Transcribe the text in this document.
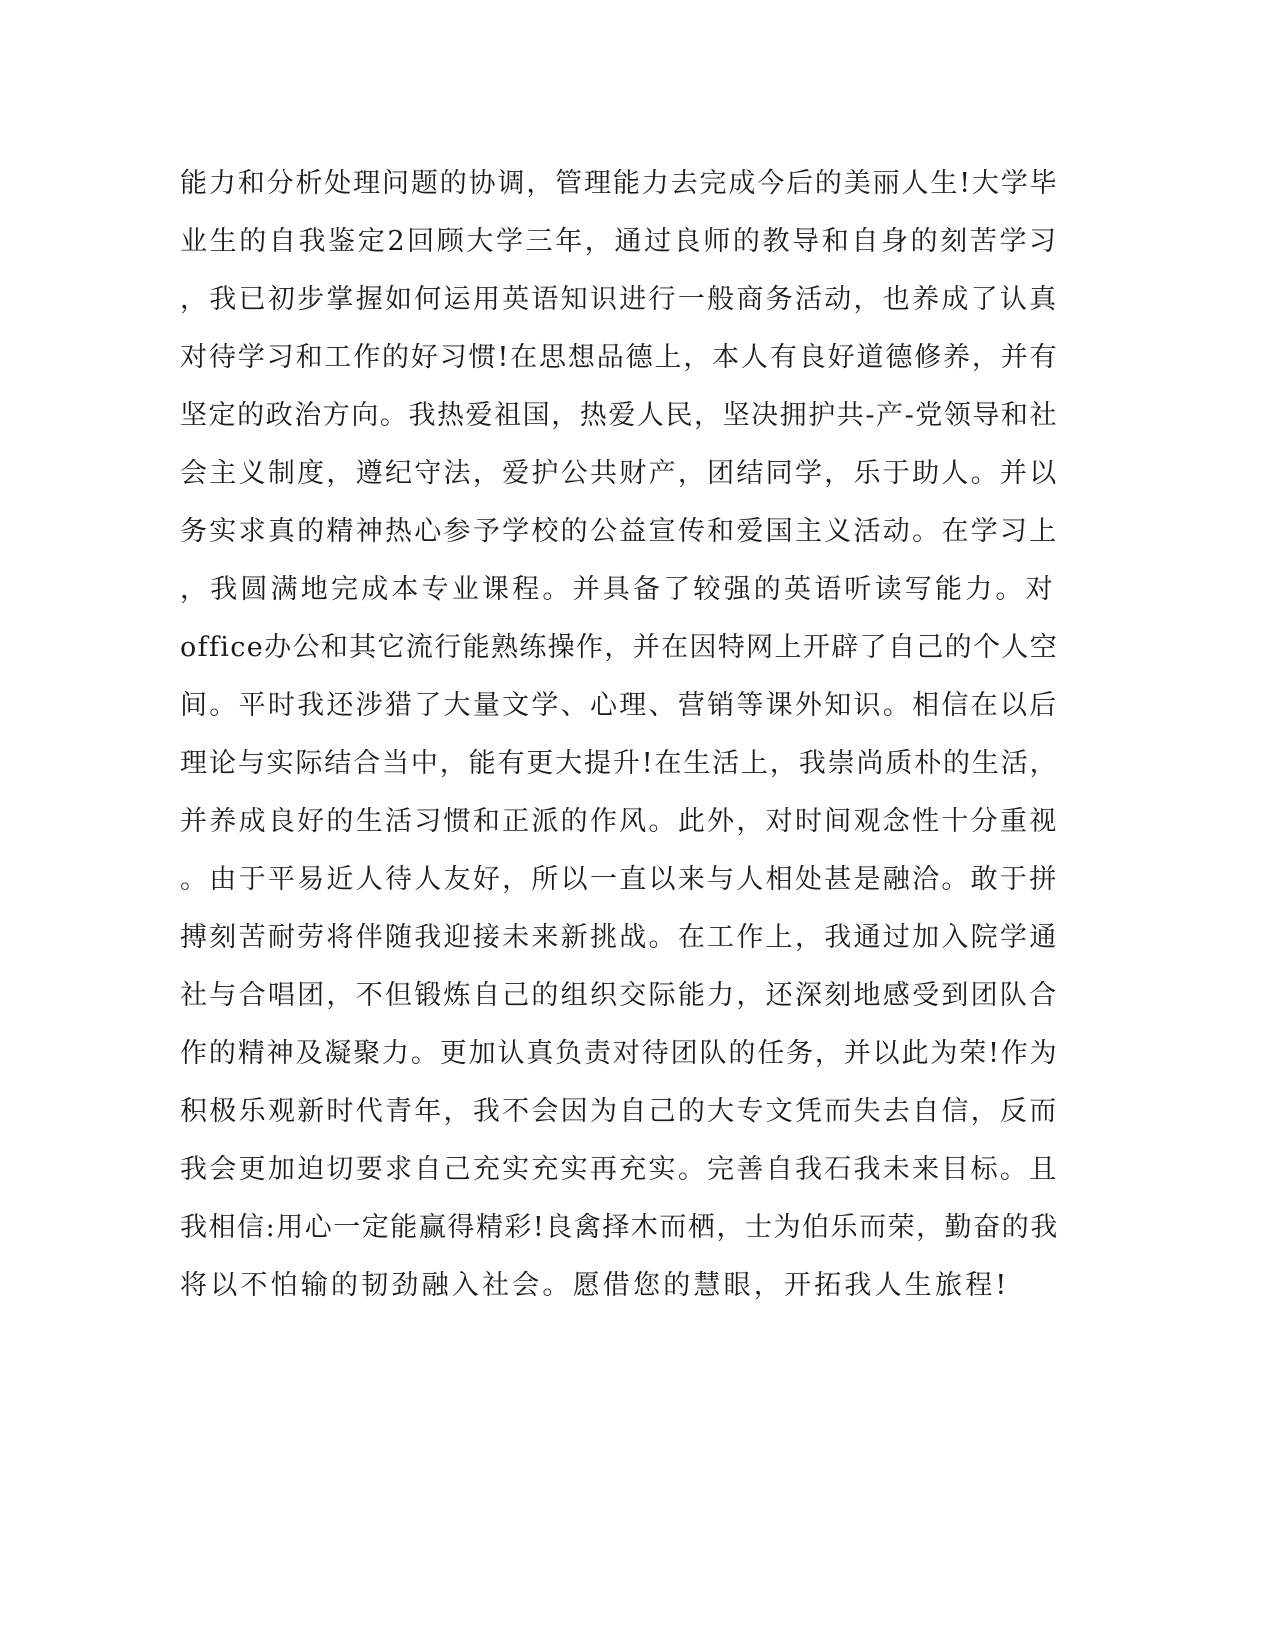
能力和分析处理问题的协调，管理能力去完成今后的美丽人生!大学毕
业生的自我鉴定2回顾大学三年，通过良师的教导和自身的刻苦学习
，我已初步掌握如何运用英语知识进行一般商务活动，也养成了认真
对待学习和工作的好习惯!在思想品德上，本人有良好道德修养，并有
坚定的政治方向。我热爱祖国，热爱人民，坚决拥护共-产-党领导和社
会主义制度，遵纪守法，爱护公共财产，团结同学，乐于助人。并以
务实求真的精神热心参予学校的公益宣传和爱国主义活动。在学习上
，我圆满地完成本专业课程。并具备了较强的英语听读写能力。对
office办公和其它流行能熟练操作，并在因特网上开辟了自己的个人空
间。平时我还涉猎了大量文学、心理、营销等课外知识。相信在以后
理论与实际结合当中，能有更大提升!在生活上，我崇尚质朴的生活，
并养成良好的生活习惯和正派的作风。此外，对时间观念性十分重视
。由于平易近人待人友好，所以一直以来与人相处甚是融洽。敢于拼
搏刻苦耐劳将伴随我迎接未来新挑战。在工作上，我通过加入院学通
社与合唱团，不但锻炼自己的组织交际能力，还深刻地感受到团队合
作的精神及凝聚力。更加认真负责对待团队的任务，并以此为荣!作为
积极乐观新时代青年，我不会因为自己的大专文凭而失去自信，反而
我会更加迫切要求自己充实充实再充实。完善自我石我未来目标。且
我相信:用心一定能赢得精彩!良禽择木而栖，士为伯乐而荣，勤奋的我
将以不怕输的韧劲融入社会。愿借您的慧眼，开拓我人生旅程!
